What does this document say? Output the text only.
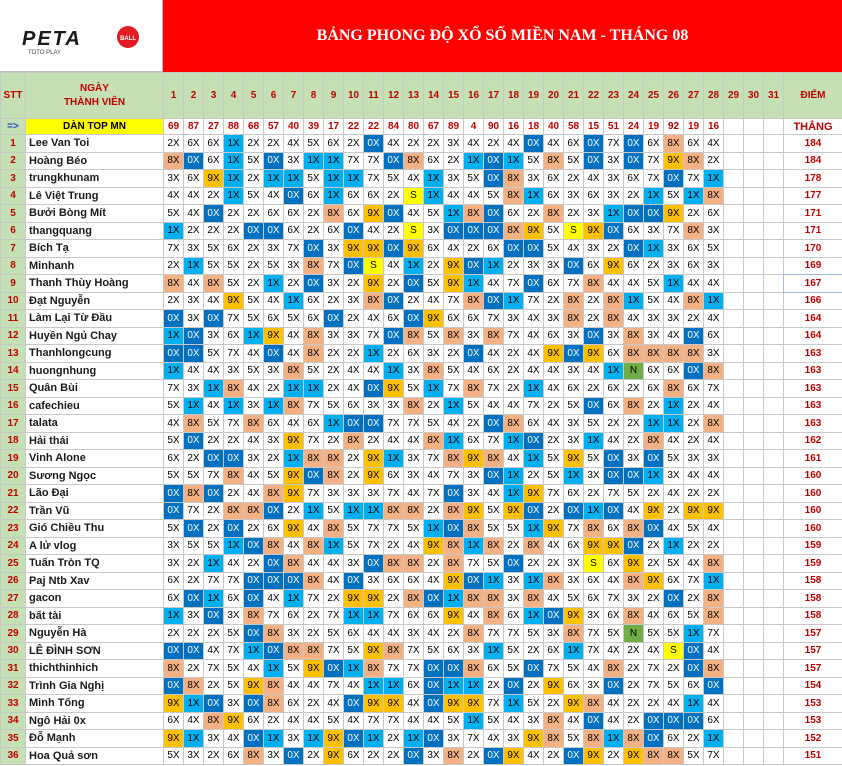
PETA	BALL
TOTO PLAY
BẢNG PHONG ĐỘ XỔ SỐ MIỀN NAM - THÁNG 08
STT	NGÀY
THÀNH VIÊN	1	2	3	4	5	6	7	8	9	10	11	12	13	14	15	16	17	18	19	20	21	22	23	24	25	26	27	28	29	30	31	ĐIỂM
=>	DÀN TOP MN	69	87	27	88	68	57	40	39	17	22	22	84	80	67	89	4	90	16	18	40	58	15	51	24	19	92	19	16				THẮNG
1	Lee Van Toi	2X	6X	6X	1X	2X	2X	4X	5X	6X	2X	0X	4X	2X	2X	3X	4X	2X	4X	0X	4X	6X	0X	7X	0X	6X	8X	6X	4X				184
2	Hoàng Béo	8X	0X	6X	1X	5X	0X	3X	1X	1X	7X	7X	0X	8X	6X	2X	1X	0X	1X	5X	8X	5X	0X	3X	0X	7X	9X	8X	2X				184
3	trungkhunam	3X	6X	9X	1X	2X	1X	1X	5X	1X	1X	7X	5X	4X	1X	3X	5X	0X	8X	3X	6X	2X	4X	3X	6X	7X	0X	7X	1X				178
4	Lê Việt Trung	4X	4X	2X	1X	5X	4X	0X	6X	1X	6X	6X	2X	S	1X	4X	4X	5X	8X	1X	6X	3X	6X	3X	2X	1X	5X	1X	8X				177
5	Bưởi Bòng Mít	5X	4X	0X	2X	2X	6X	6X	2X	8X	6X	9X	0X	4X	5X	1X	8X	0X	6X	2X	8X	2X	3X	1X	0X	0X	9X	2X	6X				171
6	thangquang	1X	2X	2X	2X	0X	0X	6X	2X	6X	0X	4X	2X	S	3X	0X	0X	0X	8X	9X	5X	S	9X	0X	6X	3X	7X	8X	3X				171
7	Bích Tạ	7X	3X	5X	6X	2X	3X	7X	0X	3X	9X	9X	0X	9X	6X	4X	2X	6X	0X	0X	5X	4X	3X	2X	0X	1X	3X	6X	5X				170
8	Minhanh	2X	1X	5X	5X	2X	5X	3X	8X	7X	0X	S	4X	1X	2X	9X	0X	1X	2X	3X	3X	0X	6X	9X	6X	2X	3X	6X	3X				169
9	Thanh Thùy Hoàng	8X	4X	8X	5X	2X	1X	2X	0X	3X	2X	9X	2X	0X	5X	9X	1X	4X	7X	0X	6X	7X	8X	4X	4X	5X	1X	4X	4X				167
10	Đạt Nguyễn	2X	3X	4X	9X	5X	4X	1X	6X	2X	3X	8X	0X	2X	4X	7X	8X	0X	1X	7X	2X	8X	2X	8X	1X	5X	4X	8X	1X				166
11	Làm Lại Từ Đầu	0X	3X	0X	7X	5X	6X	5X	6X	0X	2X	4X	6X	0X	9X	6X	6X	7X	3X	4X	3X	8X	2X	8X	4X	3X	3X	2X	4X				164
12	Huyền Ngủ Chay	1X	0X	3X	6X	1X	9X	4X	8X	3X	3X	7X	0X	8X	5X	8X	3X	8X	7X	4X	6X	3X	0X	3X	8X	3X	4X	0X	6X				164
13	Thanhlongcung	0X	0X	5X	7X	4X	0X	4X	8X	2X	2X	1X	2X	6X	3X	2X	0X	4X	2X	4X	9X	0X	9X	6X	8X	8X	8X	8X	3X				163
14	huongnhung	1X	4X	4X	3X	5X	3X	8X	5X	2X	4X	4X	1X	3X	8X	5X	4X	6X	2X	4X	4X	3X	4X	1X	N	6X	6X	0X	8X				163
15	Quân Bùi	7X	3X	1X	8X	4X	2X	1X	1X	2X	4X	0X	9X	5X	1X	7X	8X	7X	2X	1X	4X	6X	2X	6X	2X	6X	8X	6X	7X				163
16	cafechieu	5X	1X	4X	1X	3X	1X	8X	7X	5X	6X	3X	3X	8X	2X	1X	5X	4X	4X	7X	2X	5X	0X	6X	8X	2X	1X	2X	4X				163
17	talata	4X	8X	5X	7X	8X	6X	4X	6X	1X	0X	0X	7X	7X	5X	4X	2X	0X	8X	6X	4X	3X	5X	2X	2X	1X	1X	2X	8X				163
18	Hải thái	5X	0X	2X	2X	4X	3X	9X	7X	2X	8X	2X	4X	4X	8X	1X	6X	7X	1X	0X	2X	3X	1X	4X	2X	8X	4X	2X	4X				162
19	Vinh Alone	6X	2X	0X	0X	3X	2X	1X	8X	8X	2X	9X	1X	3X	7X	8X	9X	8X	4X	1X	5X	9X	5X	0X	3X	0X	5X	3X	3X				161
20	Sương Ngọc	5X	5X	7X	8X	4X	5X	9X	0X	8X	2X	9X	6X	3X	4X	7X	3X	0X	1X	2X	5X	1X	3X	0X	0X	1X	3X	4X	4X				160
21	Lão Đại	0X	8X	0X	2X	4X	8X	9X	7X	3X	3X	3X	7X	4X	7X	0X	3X	4X	1X	9X	7X	6X	2X	7X	5X	2X	4X	2X	2X				160
22	Trần Vũ	0X	7X	2X	8X	8X	0X	2X	1X	5X	1X	1X	8X	8X	2X	8X	9X	5X	9X	0X	2X	0X	1X	0X	4X	9X	2X	9X	9X				160
23	Gió Chiều Thu	5X	0X	2X	0X	2X	6X	9X	4X	8X	5X	7X	7X	5X	1X	0X	8X	5X	5X	1X	9X	7X	8X	6X	8X	0X	4X	5X	4X				160
24	A lử vlog	3X	5X	5X	1X	0X	8X	4X	8X	1X	5X	7X	2X	4X	9X	8X	1X	8X	2X	8X	4X	6X	9X	9X	0X	2X	1X	2X	2X				159
25	Tuấn Tròn TQ	3X	2X	1X	4X	2X	0X	8X	4X	4X	3X	0X	8X	8X	2X	8X	7X	5X	0X	2X	2X	3X	S	6X	9X	2X	5X	4X	8X				159
26	Paj Ntb Xav	6X	2X	7X	7X	0X	0X	0X	8X	4X	0X	3X	6X	6X	4X	9X	0X	1X	3X	1X	8X	3X	6X	4X	8X	9X	6X	7X	1X				158
27	gacon	6X	0X	1X	6X	0X	4X	1X	7X	2X	9X	9X	2X	8X	0X	1X	8X	8X	3X	8X	4X	5X	6X	7X	3X	2X	0X	2X	8X				158
28	bất tài	1X	3X	0X	3X	8X	7X	6X	2X	7X	1X	1X	7X	6X	6X	9X	4X	8X	6X	1X	0X	9X	3X	6X	8X	4X	6X	5X	8X				158
29	Nguyễn Hà	2X	2X	2X	5X	0X	8X	3X	2X	5X	6X	4X	4X	3X	4X	2X	8X	7X	7X	5X	3X	8X	7X	5X	N	5X	5X	1X	7X				157
30	LÊ ĐÌNH SƠN	0X	0X	4X	7X	1X	0X	8X	8X	7X	5X	9X	8X	7X	5X	6X	3X	1X	5X	2X	6X	1X	7X	4X	2X	4X	S	0X	4X				157
31	thichthinhich	8X	2X	7X	5X	4X	1X	5X	9X	0X	1X	8X	7X	7X	0X	0X	8X	6X	5X	0X	7X	5X	4X	8X	2X	7X	2X	0X	8X				157
32	Trình Gia Nghị	0X	8X	2X	5X	9X	8X	4X	4X	7X	4X	1X	1X	6X	0X	1X	1X	2X	0X	2X	9X	6X	3X	0X	2X	7X	5X	6X	0X				154
33	Minh Tống	9X	1X	0X	3X	0X	8X	6X	2X	4X	0X	9X	9X	4X	0X	9X	9X	7X	1X	5X	2X	9X	8X	4X	2X	2X	4X	1X	4X				153
34	Ngô Hải 0x	6X	4X	8X	9X	6X	2X	4X	4X	5X	4X	7X	7X	4X	4X	5X	1X	5X	4X	3X	8X	4X	0X	4X	2X	0X	0X	0X	6X				153
35	Đỗ Mạnh	9X	1X	3X	4X	0X	1X	3X	1X	9X	0X	1X	2X	1X	0X	3X	7X	4X	3X	9X	8X	5X	8X	1X	8X	0X	6X	2X	1X				152
36	Hoa Quả sơn	5X	3X	2X	6X	8X	3X	0X	2X	9X	6X	2X	2X	0X	3X	8X	2X	0X	9X	4X	2X	0X	9X	2X	9X	8X	8X	5X	7X				151
